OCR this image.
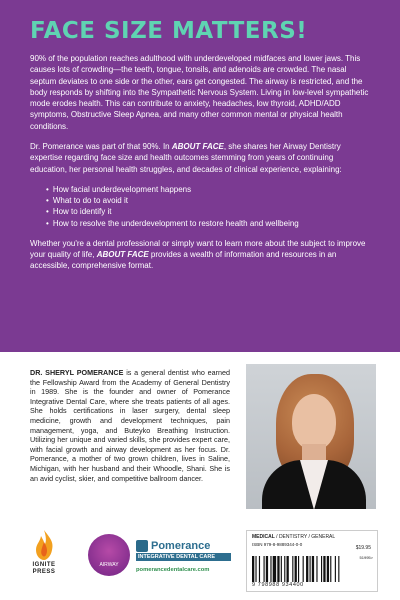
FACE SIZE MATTERS!

90% of the population reaches adulthood with underdeveloped midfaces and lower jaws. This causes lots of crowding—the teeth, tongue, tonsils, and adenoids are crowded. The nasal septum deviates to one side or the other, ears get congested. The airway is restricted, and the body responds by shifting into the Sympathetic Nervous System. Living in low-level sympathetic mode erodes health. This can contribute to anxiety, headaches, low thyroid, ADHD/ADD symptoms, Obstructive Sleep Apnea, and many other common mental or physical health conditions.

Dr. Pomerance was part of that 90%. In ABOUT FACE, she shares her Airway Dentistry expertise regarding face size and health outcomes stemming from years of continuing education, her personal health struggles, and decades of clinical experience, explaining:

• How facial underdevelopment happens
• What to do to avoid it
• How to identify it
• How to resolve the underdevelopment to restore health and wellbeing

Whether you're a dental professional or simply want to learn more about the subject to improve your quality of life, ABOUT FACE provides a wealth of information and resources in an accessible, comprehensive format.

DR. SHERYL POMERANCE is a general dentist who earned the Fellowship Award from the Academy of General Dentistry in 1989. She is the founder and owner of Pomerance Integrative Dental Care, where she treats patients of all ages. She holds certifications in laser surgery, dental sleep medicine, growth and development techniques, pain management, yoga, and Buteyko Breathing Instruction. Utilizing her unique and varied skills, she provides expert care, with facial growth and airway development as her focus. Dr. Pomerance, a mother of two grown children, lives in Saline, Michigan, with her husband and their Whoodle, Shani. She is an avid cyclist, skier, and competitive ballroom dancer.

IGNITE
PRESS
AIRWAY
Pomerance
INTEGRATIVE DENTAL CARE
pomerancedentalcare.com
MEDICAL / DENTISTRY / GENERAL
ISBN 979-8-9889344-0-0
$19.95
51995>
9 798988 934400
